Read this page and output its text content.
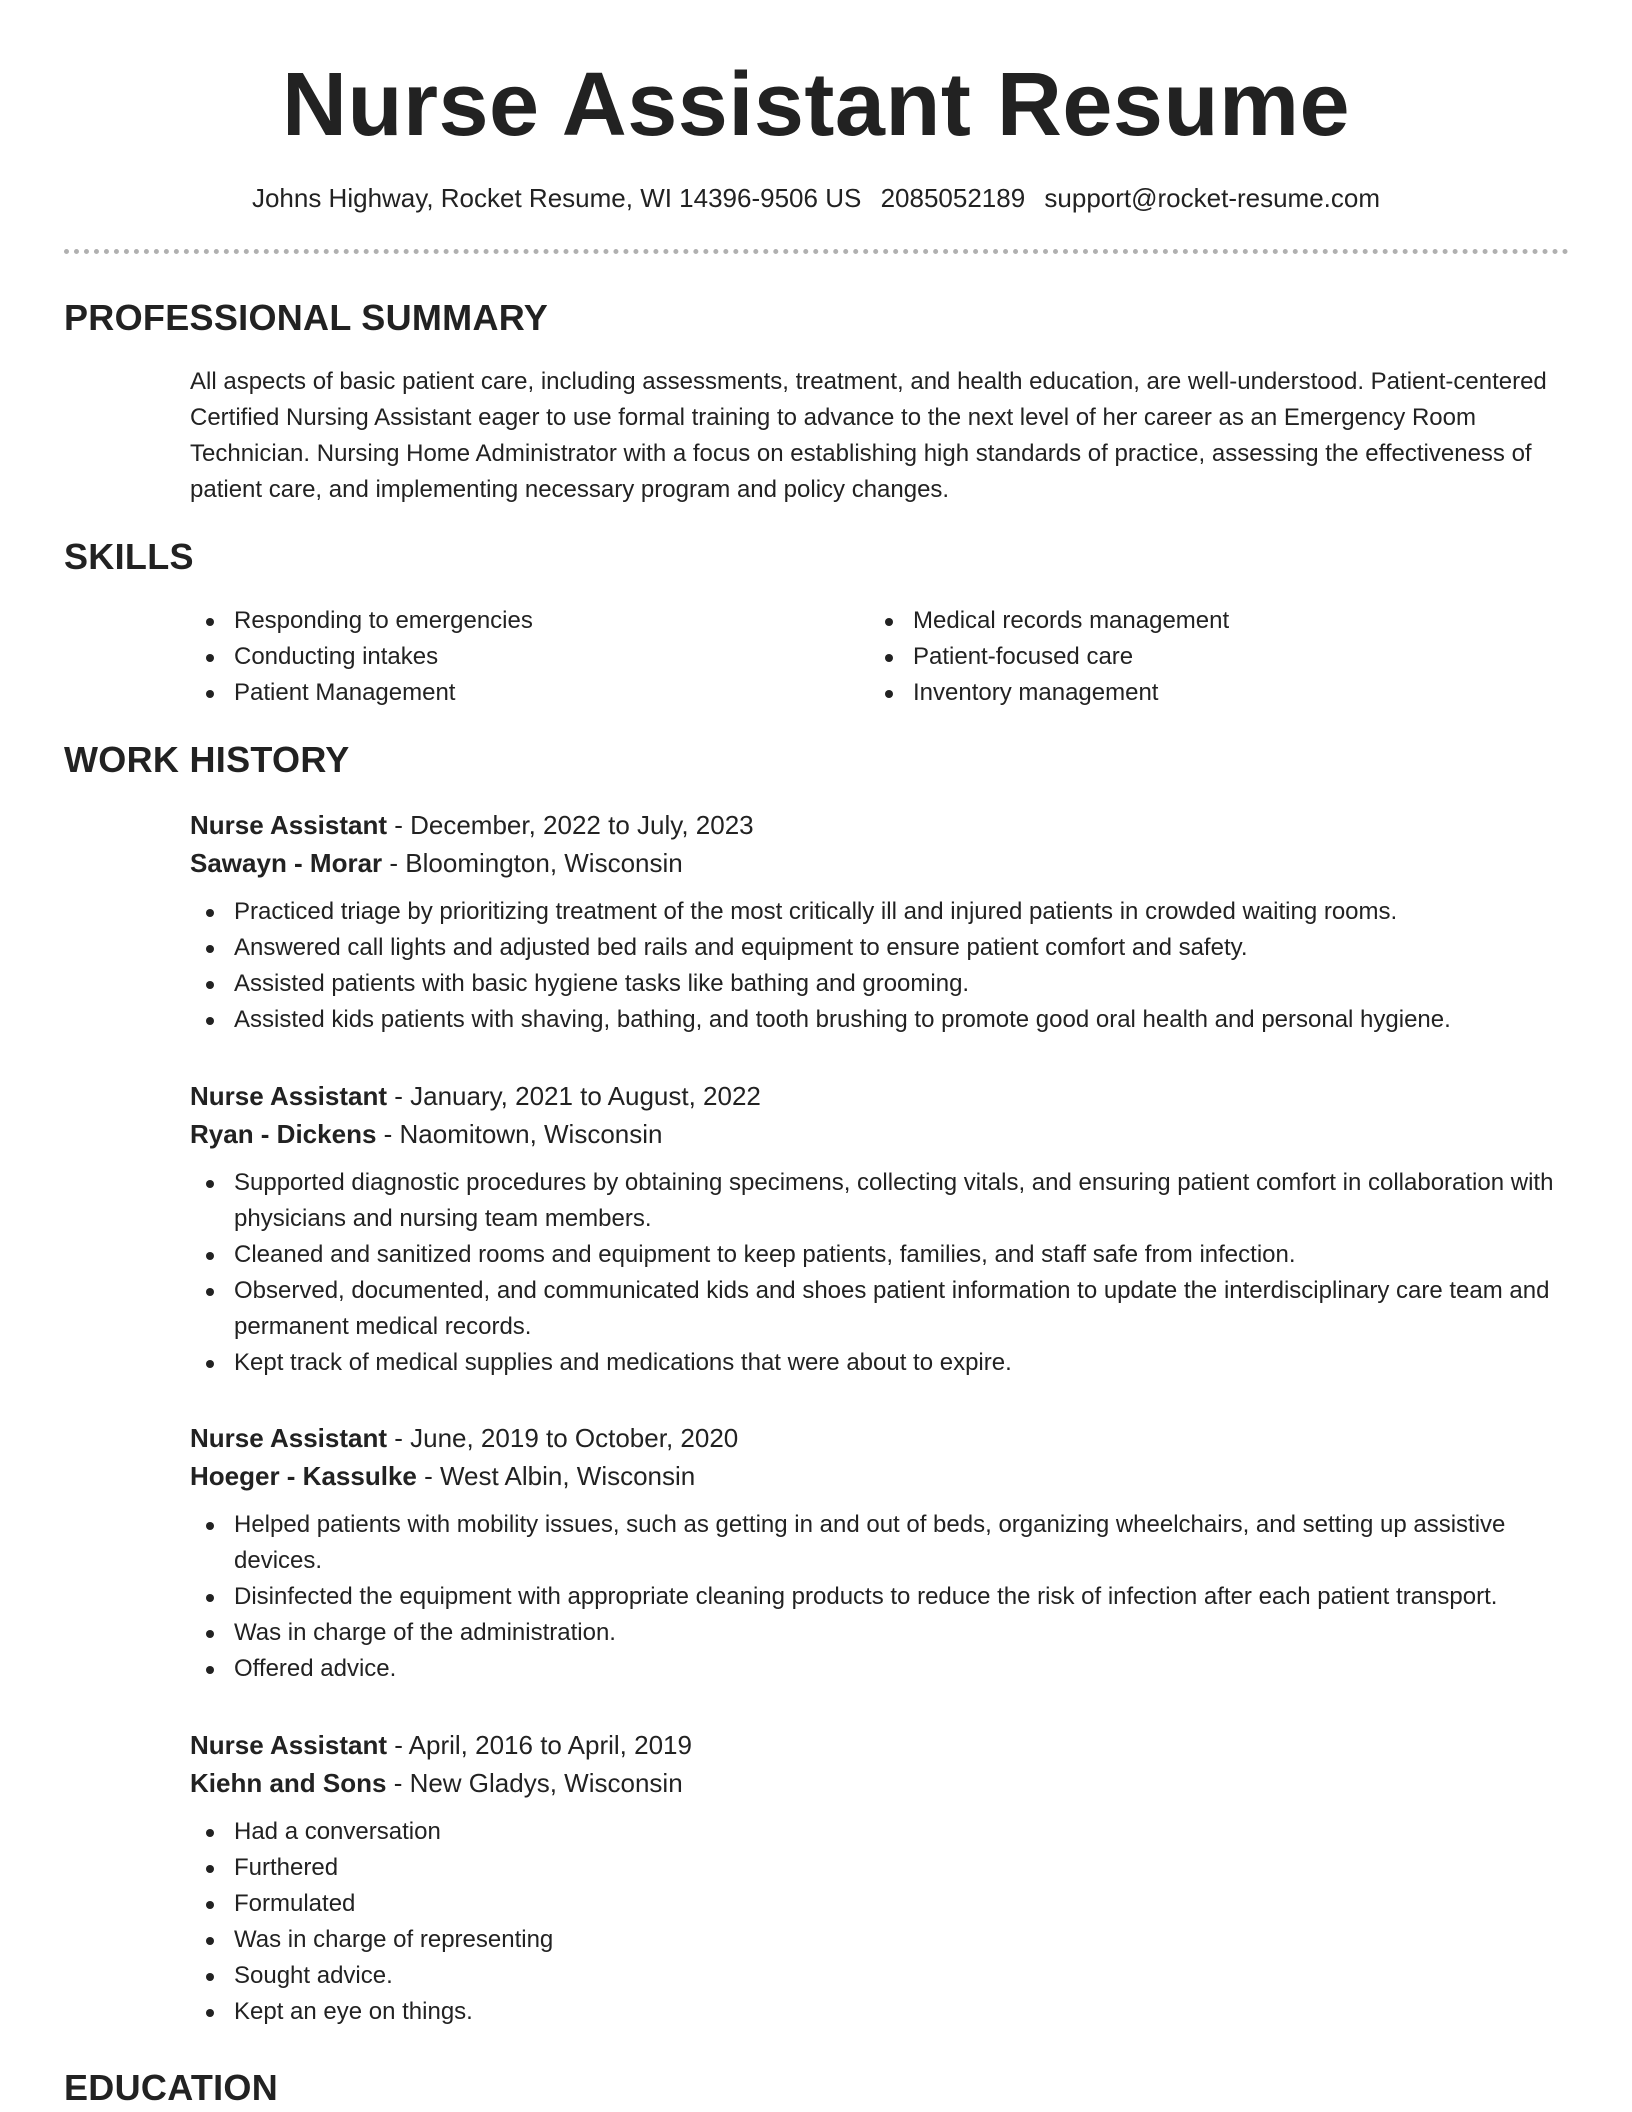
Nurse Assistant Resume
Johns Highway, Rocket Resume, WI 14396-9506 US 2085052189 support@rocket-resume.com
PROFESSIONAL SUMMARY

All aspects of basic patient care, including assessments, treatment, and health education, are well-understood. Patient-centered Certified Nursing Assistant eager to use formal training to advance to the next level of her career as an Emergency Room Technician. Nursing Home Administrator with a focus on establishing high standards of practice, assessing the effectiveness of patient care, and implementing necessary program and policy changes.

SKILLS
Responding to emergencies
Conducting intakes
Patient Management
Medical records management
Patient-focused care
Inventory management
WORK HISTORY
Nurse Assistant - December, 2022 to July, 2023
Sawayn - Morar - Bloomington, Wisconsin
Practiced triage by prioritizing treatment of the most critically ill and injured patients in crowded waiting rooms.
Answered call lights and adjusted bed rails and equipment to ensure patient comfort and safety.
Assisted patients with basic hygiene tasks like bathing and grooming.
Assisted kids patients with shaving, bathing, and tooth brushing to promote good oral health and personal hygiene.
Nurse Assistant - January, 2021 to August, 2022
Ryan - Dickens - Naomitown, Wisconsin
Supported diagnostic procedures by obtaining specimens, collecting vitals, and ensuring patient comfort in collaboration with physicians and nursing team members.
Cleaned and sanitized rooms and equipment to keep patients, families, and staff safe from infection.
Observed, documented, and communicated kids and shoes patient information to update the interdisciplinary care team and permanent medical records.
Kept track of medical supplies and medications that were about to expire.
Nurse Assistant - June, 2019 to October, 2020
Hoeger - Kassulke - West Albin, Wisconsin
Helped patients with mobility issues, such as getting in and out of beds, organizing wheelchairs, and setting up assistive devices.
Disinfected the equipment with appropriate cleaning products to reduce the risk of infection after each patient transport.
Was in charge of the administration.
Offered advice.
Nurse Assistant - April, 2016 to April, 2019
Kiehn and Sons - New Gladys, Wisconsin
Had a conversation
Furthered
Formulated
Was in charge of representing
Sought advice.
Kept an eye on things.
EDUCATION
